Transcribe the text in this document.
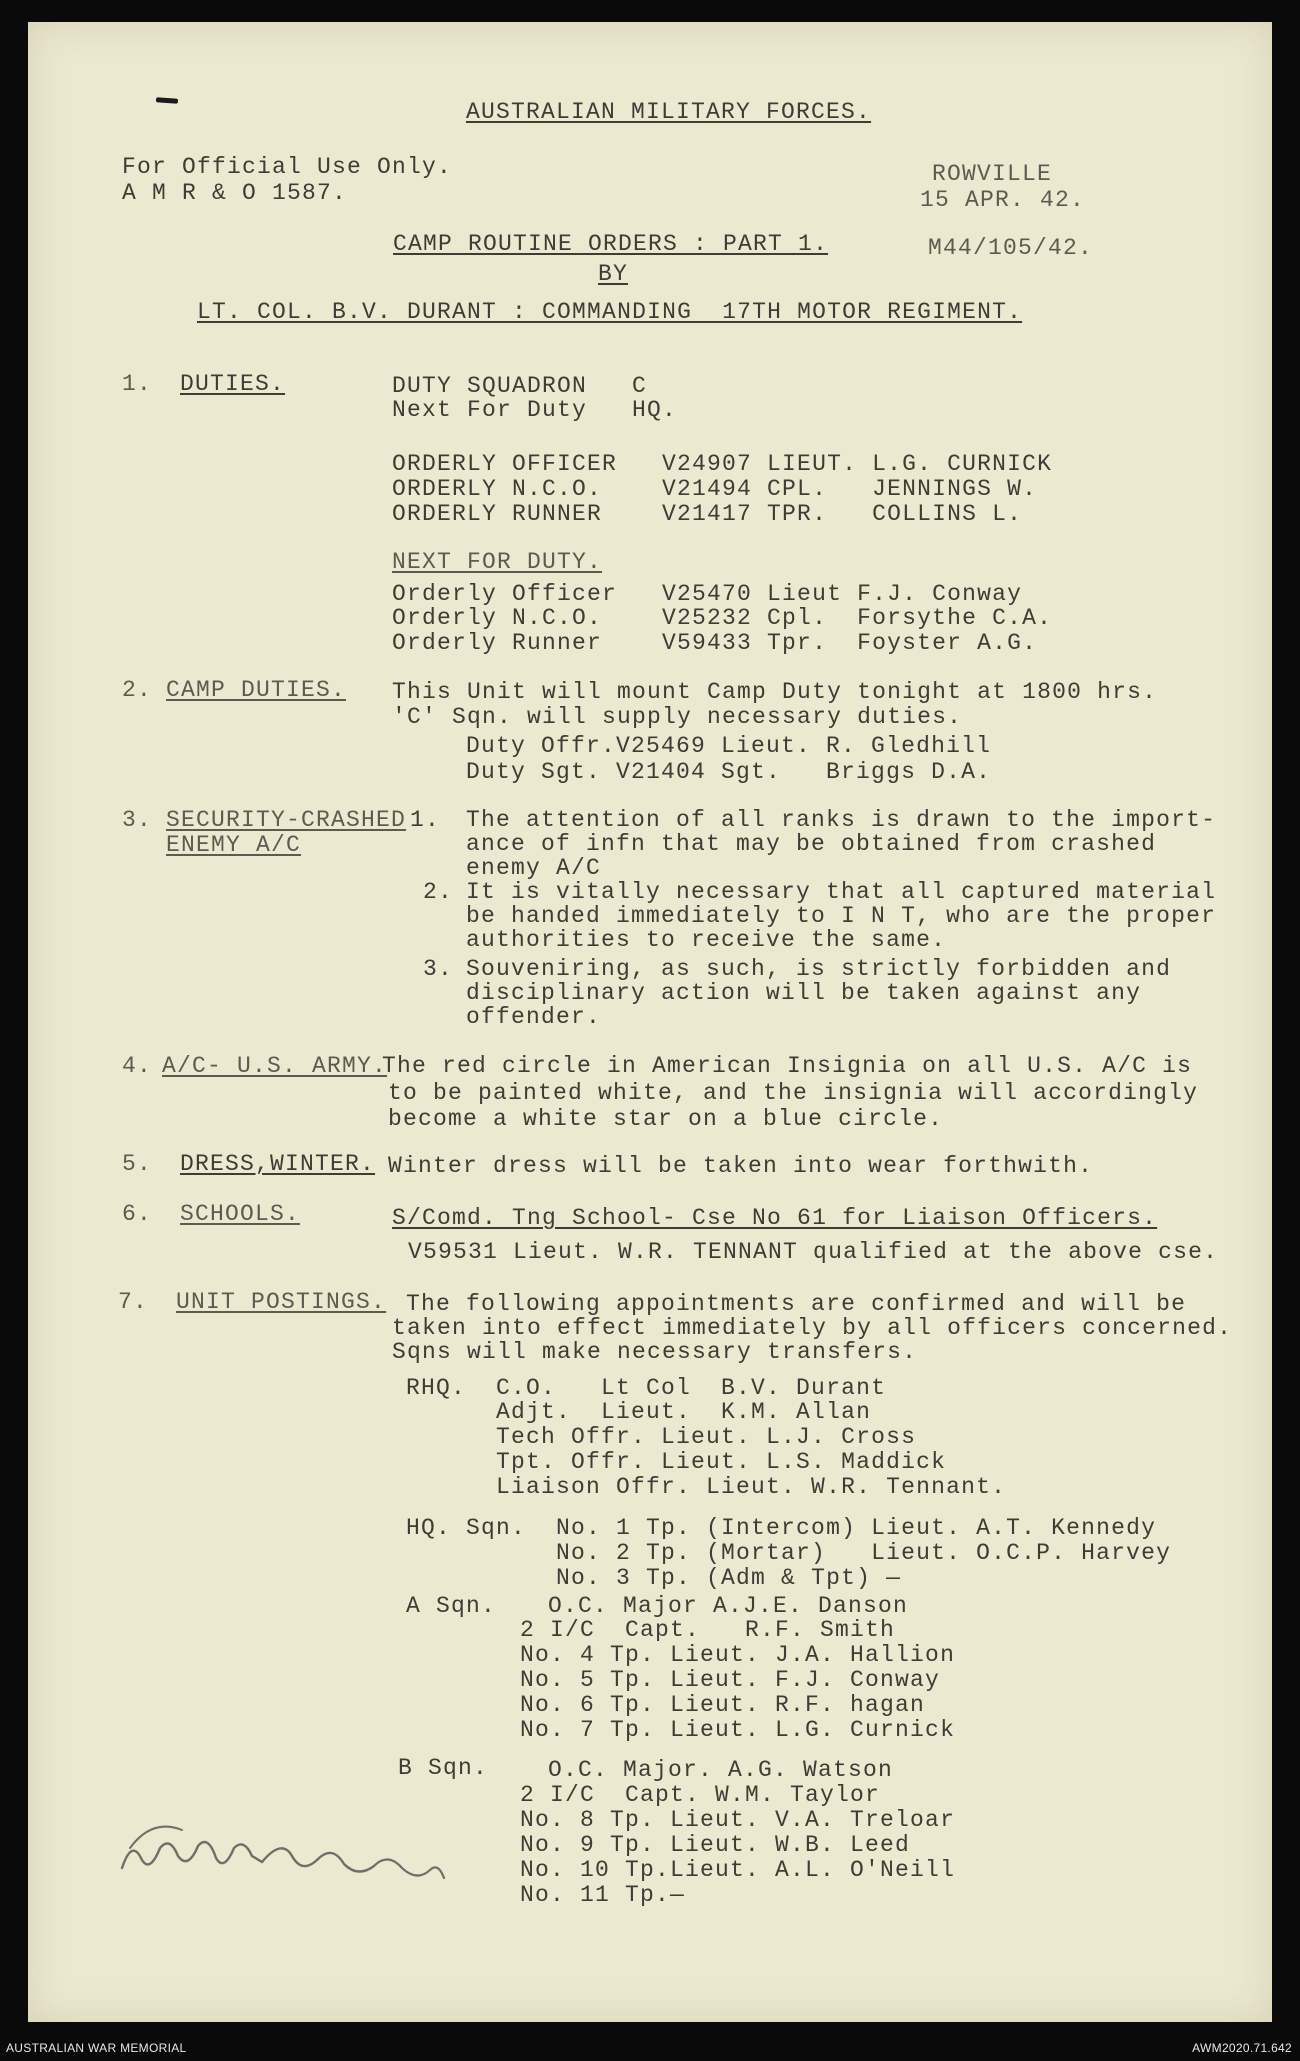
AUSTRALIAN MILITARY FORCES.
For Official Use Only.
A M R & O 1587.
ROWVILLE
15 APR. 42.
CAMP ROUTINE ORDERS : PART 1.	M44/105/42.
BY
LT. COL. B.V. DURANT : COMMANDING  17TH MOTOR REGIMENT.
1. DUTIES.	DUTY SQUADRON   C
Next For Duty   HQ.
ORDERLY OFFICER   V24907 LIEUT. L.G. CURNICK
ORDERLY N.C.O.    V21494 CPL.   JENNINGS W.
ORDERLY RUNNER    V21417 TPR.   COLLINS L.
NEXT FOR DUTY.
Orderly Officer   V25470 Lieut F.J. Conway
Orderly N.C.O.    V25232 Cpl.  Forsythe C.A.
Orderly Runner    V59433 Tpr.  Foyster A.G.
2. CAMP DUTIES. This Unit will mount Camp Duty tonight at 1800 hrs.
'C' Sqn. will supply necessary duties.
Duty Offr.V25469 Lieut. R. Gledhill
Duty Sgt. V21404 Sgt.   Briggs D.A.
3. SECURITY-CRASHED
ENEMY A/C
1. The attention of all ranks is drawn to the import-
ance of infn that may be obtained from crashed
enemy A/C
2. It is vitally necessary that all captured material
be handed immediately to I N T, who are the proper
authorities to receive the same.
3. Souveniring, as such, is strictly forbidden and
disciplinary action will be taken against any
offender.
4. A/C- U.S. ARMY.
The red circle in American Insignia on all U.S. A/C is
to be painted white, and the insignia will accordingly
become a white star on a blue circle.
5. DRESS,WINTER. Winter dress will be taken into wear forthwith.
6. SCHOOLS.	S/Comd. Tng School- Cse No 61 for Liaison Officers.
V59531 Lieut. W.R. TENNANT qualified at the above cse.
7. UNIT POSTINGS. The following appointments are confirmed and will be
taken into effect immediately by all officers concerned.
Sqns will make necessary transfers.
RHQ.  C.O.   Lt Col  B.V. Durant
Adjt.  Lieut.  K.M. Allan
Tech Offr. Lieut. L.J. Cross
Tpt. Offr. Lieut. L.S. Maddick
Liaison Offr. Lieut. W.R. Tennant.
HQ. Sqn.  No. 1 Tp. (Intercom) Lieut. A.T. Kennedy
No. 2 Tp. (Mortar)   Lieut. O.C.P. Harvey
No. 3 Tp. (Adm & Tpt) —
A Sqn. O.C. Major A.J.E. Danson
2 I/C  Capt.   R.F. Smith
No. 4 Tp. Lieut. J.A. Hallion
No. 5 Tp. Lieut. F.J. Conway
No. 6 Tp. Lieut. R.F. hagan
No. 7 Tp. Lieut. L.G. Curnick
B Sqn.	O.C. Major. A.G. Watson
2 I/C  Capt. W.M. Taylor
No. 8 Tp. Lieut. V.A. Treloar
No. 9 Tp. Lieut. W.B. Leed
No. 10 Tp.Lieut. A.L. O'Neill
No. 11 Tp.—
AUSTRALIAN WAR MEMORIAL	AWM2020.71.642
